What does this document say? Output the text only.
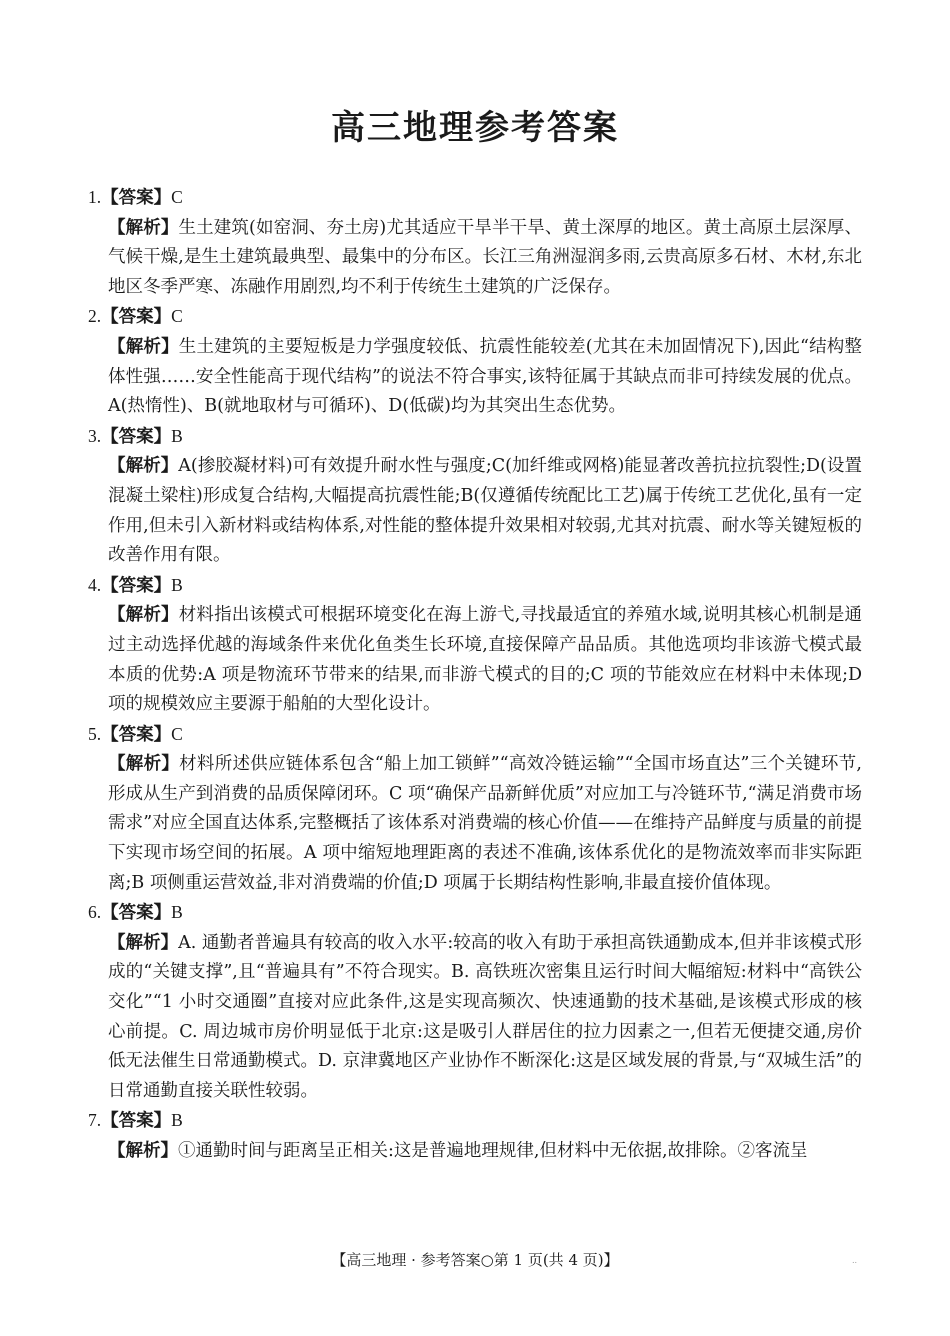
高三地理参考答案

1.【答案】C

【解析】生土建筑(如窑洞、夯土房)尤其适应干旱半干旱、黄土深厚的地区。黄土高原土层深厚、气候干燥,是生土建筑最典型、最集中的分布区。长江三角洲湿润多雨,云贵高原多石材、木材,东北地区冬季严寒、冻融作用剧烈,均不利于传统生土建筑的广泛保存。

2.【答案】C

【解析】生土建筑的主要短板是力学强度较低、抗震性能较差(尤其在未加固情况下),因此“结构整体性强……安全性能高于现代结构”的说法不符合事实,该特征属于其缺点而非可持续发展的优点。A(热惰性)、B(就地取材与可循环)、D(低碳)均为其突出生态优势。

3.【答案】B

【解析】A(掺胶凝材料)可有效提升耐水性与强度;C(加纤维或网格)能显著改善抗拉抗裂性;D(设置混凝土梁柱)形成复合结构,大幅提高抗震性能;B(仅遵循传统配比工艺)属于传统工艺优化,虽有一定作用,但未引入新材料或结构体系,对性能的整体提升效果相对较弱,尤其对抗震、耐水等关键短板的改善作用有限。

4.【答案】B

【解析】材料指出该模式可根据环境变化在海上游弋,寻找最适宜的养殖水域,说明其核心机制是通过主动选择优越的海域条件来优化鱼类生长环境,直接保障产品品质。其他选项均非该游弋模式最本质的优势:A 项是物流环节带来的结果,而非游弋模式的目的;C 项的节能效应在材料中未体现;D 项的规模效应主要源于船舶的大型化设计。

5.【答案】C

【解析】材料所述供应链体系包含“船上加工锁鲜”“高效冷链运输”“全国市场直达”三个关键环节,形成从生产到消费的品质保障闭环。C 项“确保产品新鲜优质”对应加工与冷链环节,“满足消费市场需求”对应全国直达体系,完整概括了该体系对消费端的核心价值——在维持产品鲜度与质量的前提下实现市场空间的拓展。A 项中缩短地理距离的表述不准确,该体系优化的是物流效率而非实际距离;B 项侧重运营效益,非对消费端的价值;D 项属于长期结构性影响,非最直接价值体现。

6.【答案】B

【解析】A. 通勤者普遍具有较高的收入水平:较高的收入有助于承担高铁通勤成本,但并非该模式形成的“关键支撑”,且“普遍具有”不符合现实。B. 高铁班次密集且运行时间大幅缩短:材料中“高铁公交化”“1 小时交通圈”直接对应此条件,这是实现高频次、快速通勤的技术基础,是该模式形成的核心前提。C. 周边城市房价明显低于北京:这是吸引人群居住的拉力因素之一,但若无便捷交通,房价低无法催生日常通勤模式。D. 京津冀地区产业协作不断深化:这是区域发展的背景,与“双城生活”的日常通勤直接关联性较弱。

7.【答案】B

【解析】①通勤时间与距离呈正相关:这是普遍地理规律,但材料中无依据,故排除。②客流呈

【高三地理 · 参考答案○第 1 页(共 4 页)】	..
